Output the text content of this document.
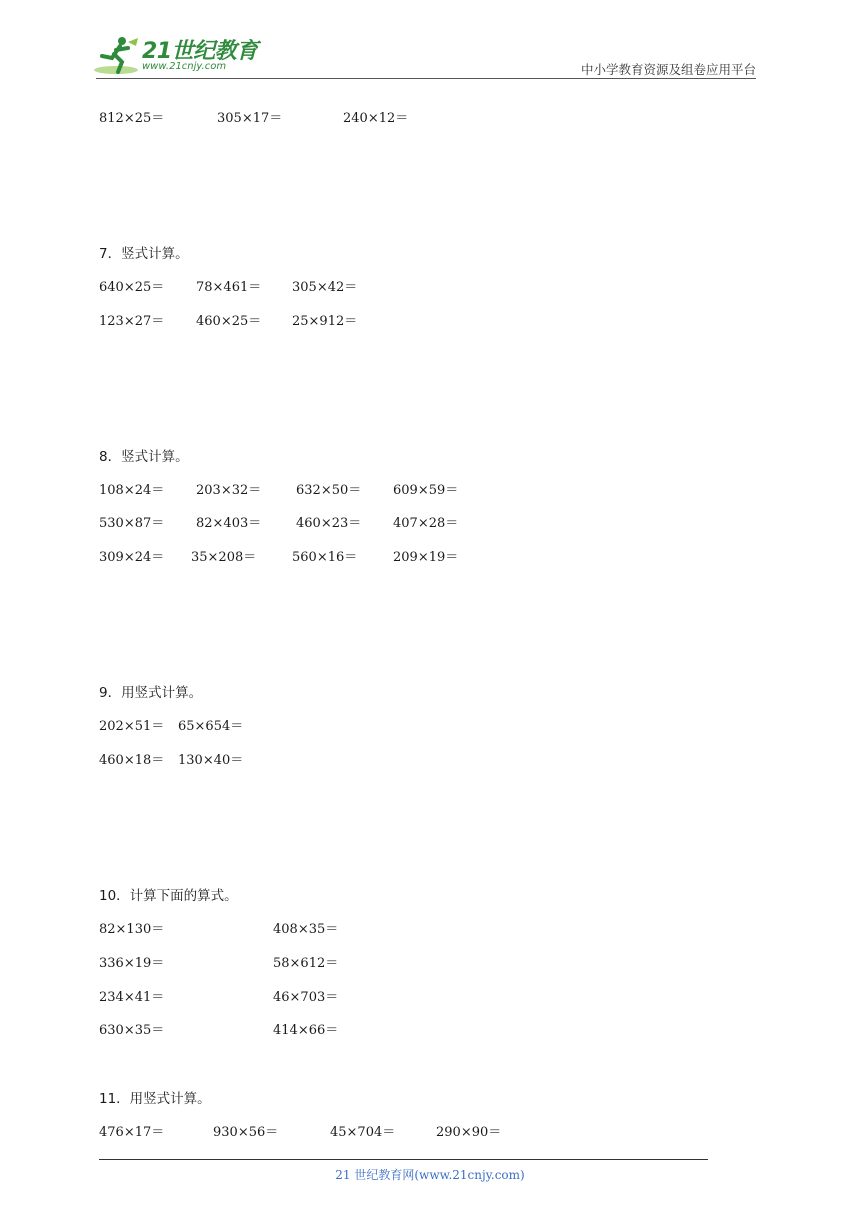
21世纪教育
www.21cnjy.com	中小学教育资源及组卷应用平台
812×25＝	305×17＝	240×12＝
7．竖式计算。
640×25＝ 78×461＝ 305×42＝
123×27＝ 460×25＝ 25×912＝
8．竖式计算。
108×24＝ 203×32＝	632×50＝ 609×59＝
530×87＝ 82×403＝	460×23＝ 407×28＝
309×24＝ 35×208＝	560×16＝	209×19＝
9．用竖式计算。
202×51＝ 65×654＝
460×18＝ 130×40＝
10．计算下面的算式。
82×130＝	408×35＝
336×19＝	58×612＝
234×41＝	46×703＝
630×35＝	414×66＝
11．用竖式计算。
476×17＝	930×56＝	45×704＝	290×90＝
21 世纪教育网(www.21cnjy.com)
